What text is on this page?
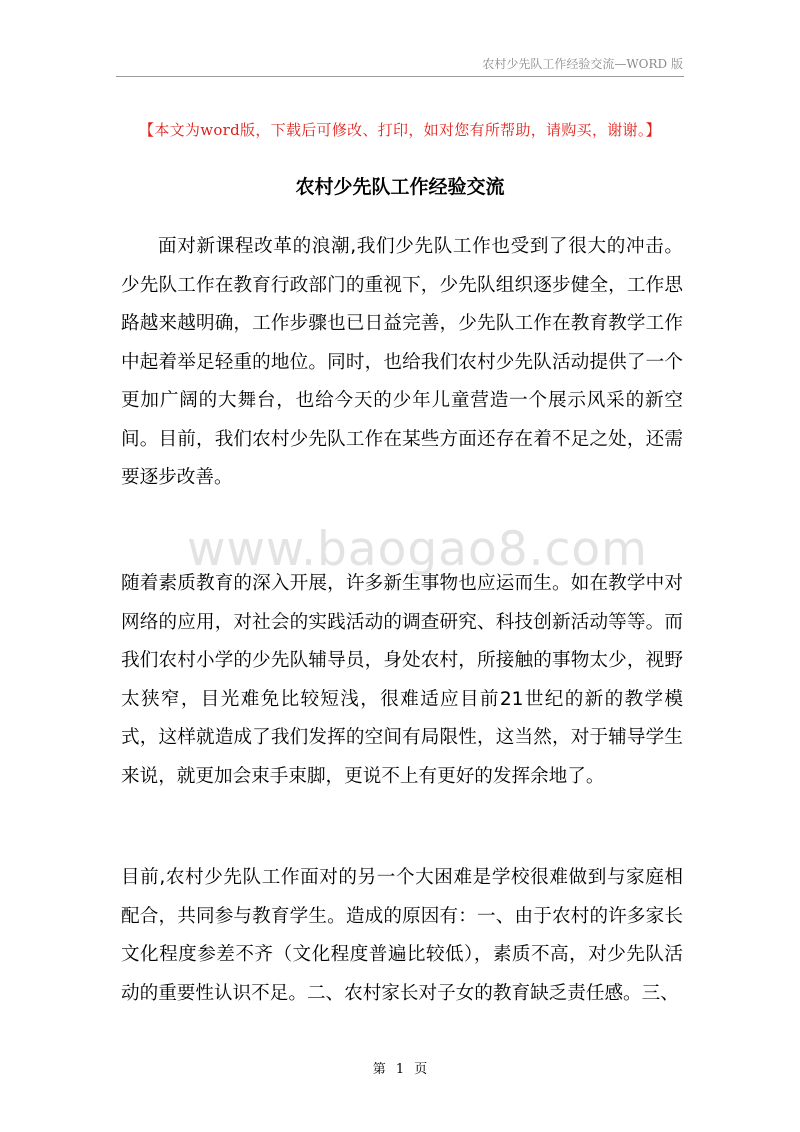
农村少先队工作经验交流—WORD 版
【本文为word版，下载后可修改、打印，如对您有所帮助，请购买，谢谢。】
农村少先队工作经验交流

面对新课程改革的浪潮,我们少先队工作也受到了很大的冲击。少先队工作在教育行政部门的重视下，少先队组织逐步健全，工作思路越来越明确，工作步骤也已日益完善，少先队工作在教育教学工作中起着举足轻重的地位。同时，也给我们农村少先队活动提供了一个更加广阔的大舞台，也给今天的少年儿童营造一个展示风采的新空间。目前，我们农村少先队工作在某些方面还存在着不足之处，还需要逐步改善。

www.baogao8.com

随着素质教育的深入开展，许多新生事物也应运而生。如在教学中对网络的应用，对社会的实践活动的调查研究、科技创新活动等等。而我们农村小学的少先队辅导员，身处农村，所接触的事物太少，视野太狭窄，目光难免比较短浅，很难适应目前21世纪的新的教学模式，这样就造成了我们发挥的空间有局限性，这当然，对于辅导学生来说，就更加会束手束脚，更说不上有更好的发挥余地了。

目前,农村少先队工作面对的另一个大困难是学校很难做到与家庭相配合，共同参与教育学生。造成的原因有：一、由于农村的许多家长文化程度参差不齐（文化程度普遍比较低），素质不高，对少先队活动的重要性认识不足。二、农村家长对子女的教育缺乏责任感。三、

第 1 页
